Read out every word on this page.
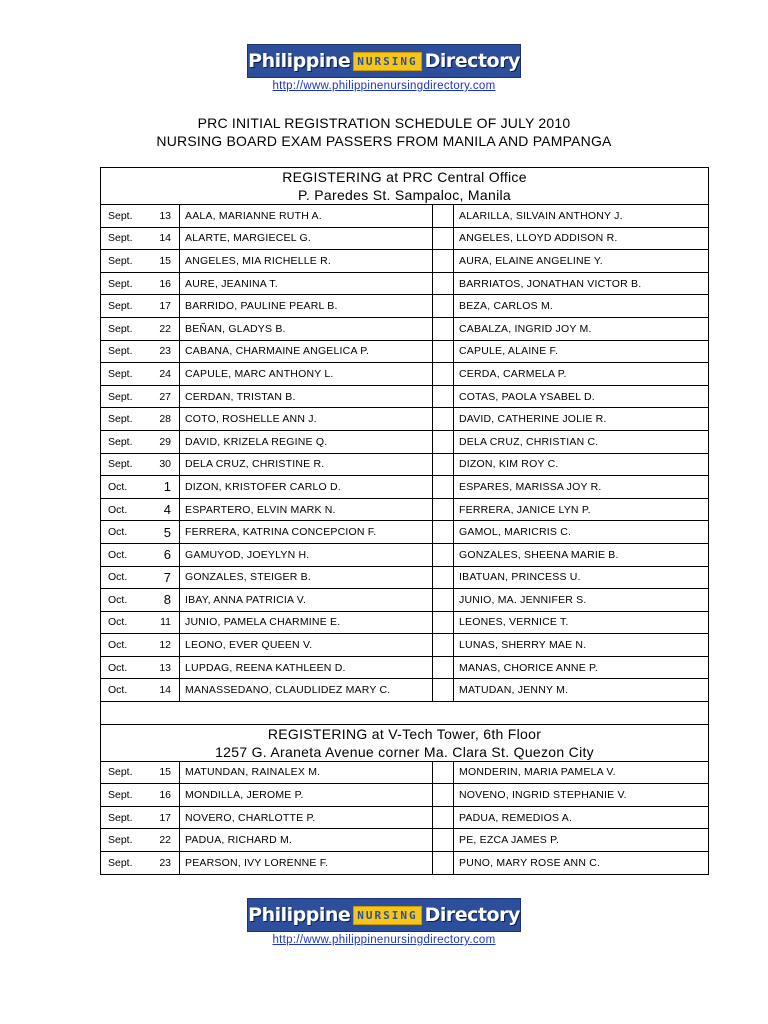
Philippine NURSING Directory
http://www.philippinenursingdirectory.com
PRC INITIAL REGISTRATION SCHEDULE OF JULY 2010
NURSING BOARD EXAM PASSERS FROM MANILA AND PAMPANGA
REGISTERING at PRC Central Office
P. Paredes St. Sampaloc, Manila				

Sept.	13	AALA, MARIANNE RUTH A.		ALARILLA, SILVAIN ANTHONY J.
Sept.	14	ALARTE, MARGIECEL G.		ANGELES, LLOYD ADDISON R.
Sept.	15	ANGELES, MIA RICHELLE R.		AURA, ELAINE ANGELINE Y.
Sept.	16	AURE, JEANINA T.		BARRIATOS, JONATHAN VICTOR B.
Sept.	17	BARRIDO, PAULINE PEARL B.		BEZA, CARLOS M.
Sept.	22	BEÑAN, GLADYS B.		CABALZA, INGRID JOY M.
Sept.	23	CABANA, CHARMAINE ANGELICA P.		CAPULE, ALAINE F.
Sept.	24	CAPULE, MARC ANTHONY L.		CERDA, CARMELA P.
Sept.	27	CERDAN, TRISTAN B.		COTAS, PAOLA YSABEL D.
Sept.	28	COTO, ROSHELLE ANN J.		DAVID, CATHERINE JOLIE R.
Sept.	29	DAVID, KRIZELA REGINE Q.		DELA CRUZ, CHRISTIAN C.
Sept.	30	DELA CRUZ, CHRISTINE R.		DIZON, KIM ROY C.
Oct.	1	DIZON, KRISTOFER CARLO D.		ESPARES, MARISSA JOY R.
Oct.	4	ESPARTERO, ELVIN MARK N.		FERRERA, JANICE LYN P.
Oct.	5	FERRERA, KATRINA CONCEPCION F.		GAMOL, MARICRIS C.
Oct.	6	GAMUYOD, JOEYLYN H.		GONZALES, SHEENA MARIE B.
Oct.	7	GONZALES, STEIGER B.		IBATUAN, PRINCESS U.
Oct.	8	IBAY, ANNA PATRICIA V.		JUNIO, MA. JENNIFER S.
Oct.	11	JUNIO, PAMELA CHARMINE E.		LEONES, VERNICE T.
Oct.	12	LEONO, EVER QUEEN V.		LUNAS, SHERRY MAE N.
Oct.	13	LUPDAG, REENA KATHLEEN D.		MANAS, CHORICE ANNE P.
Oct.	14	MANASSEDANO, CLAUDLIDEZ MARY C.		MATUDAN, JENNY M.

REGISTERING at V-Tech Tower, 6th Floor
1257 G. Araneta Avenue corner Ma. Clara St. Quezon City				

Sept.	15	MATUNDAN, RAINALEX M.		MONDERIN, MARIA PAMELA V.
Sept.	16	MONDILLA, JEROME P.		NOVENO, INGRID STEPHANIE V.
Sept.	17	NOVERO, CHARLOTTE P.		PADUA, REMEDIOS A.
Sept.	22	PADUA, RICHARD M.		PE, EZCA JAMES P.
Sept.	23	PEARSON, IVY LORENNE F.		PUNO, MARY ROSE ANN C.
Philippine NURSING Directory
http://www.philippinenursingdirectory.com
